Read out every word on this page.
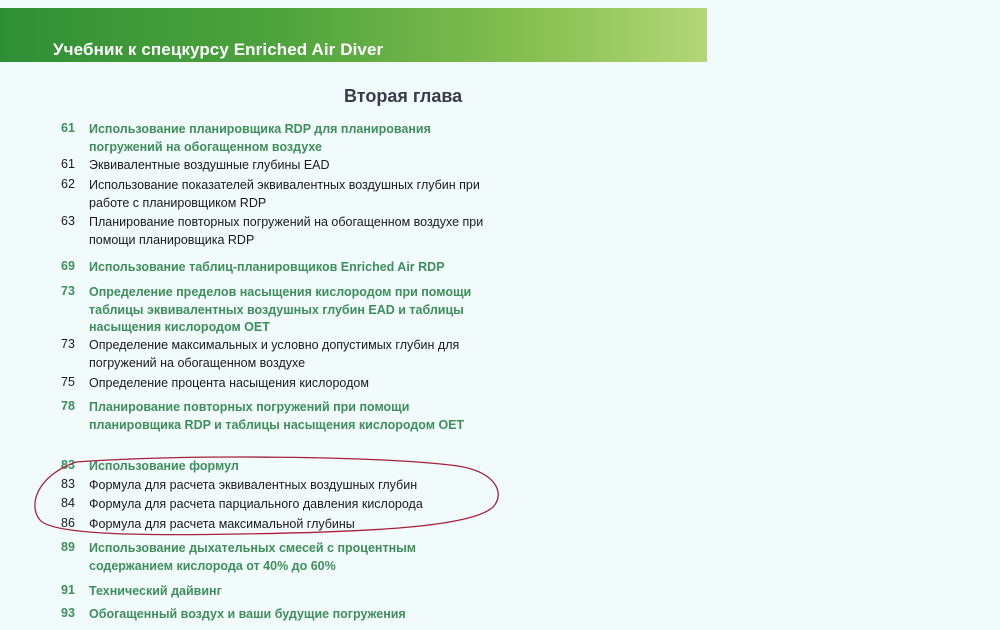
Учебник к спецкурсу Enriched Air Diver
Вторая глава
61 Использование планировщика RDP для планирования погружений на обогащенном воздухе
61 Эквивалентные воздушные глубины EAD
62 Использование показателей эквивалентных воздушных глубин при работе с планировщиком RDP
63 Планирование повторных погружений на обогащенном воздухе при помощи планировщика RDP
69 Использование таблиц-планировщиков Enriched Air RDP
73 Определение пределов насыщения кислородом при помощи таблицы эквивалентных воздушных глубин EAD и таблицы насыщения кислородом OET
73 Определение максимальных и условно допустимых глубин для погружений на обогащенном воздухе
75 Определение процента насыщения кислородом
78 Планирование повторных погружений при помощи планировщика RDP и таблицы насыщения кислородом OET
83 Использование формул
83 Формула для расчета эквивалентных воздушных глубин
84 Формула для расчета парциального давления кислорода
86 Формула для расчета максимальной глубины
89 Использование дыхательных смесей с процентным содержанием кислорода от 40% до 60%
91 Технический дайвинг
93 Обогащенный воздух и ваши будущие погружения
